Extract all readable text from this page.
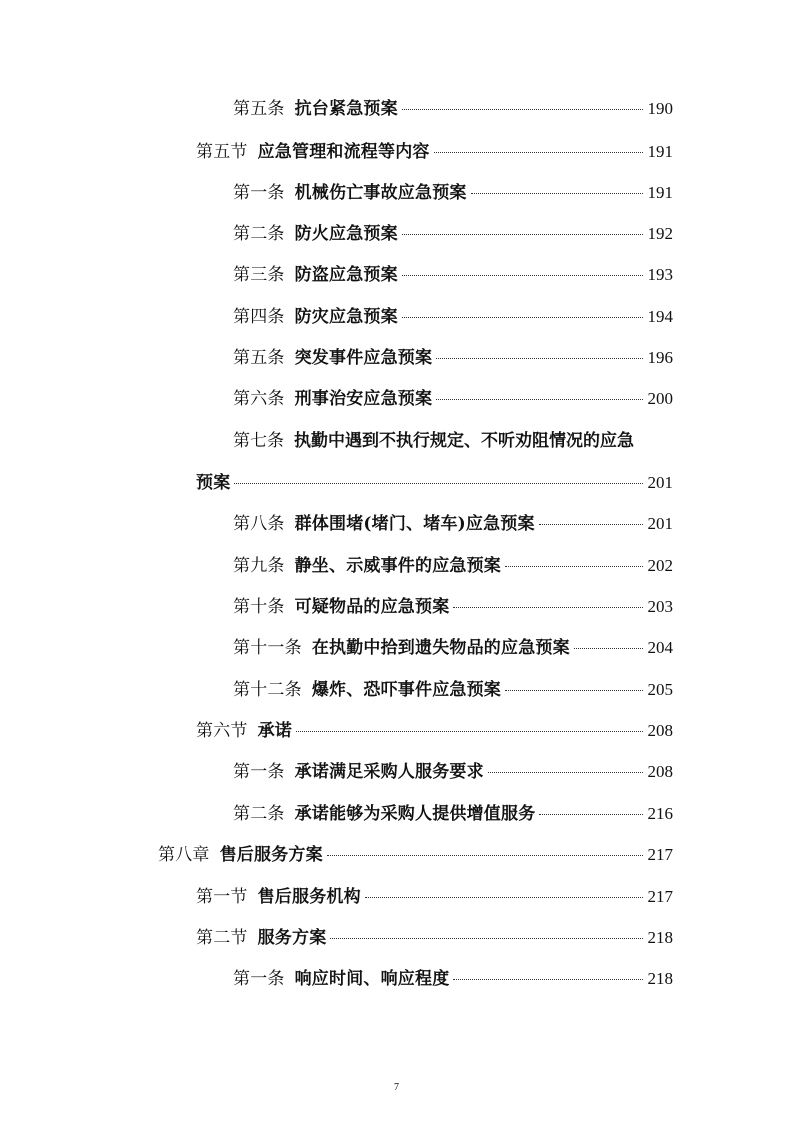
第五条 抗台紧急预案	190
第五节 应急管理和流程等内容	191
第一条 机械伤亡事故应急预案	191
第二条 防火应急预案	192
第三条 防盗应急预案	193
第四条 防灾应急预案	194
第五条 突发事件应急预案	196
第六条 刑事治安应急预案	200
第七条 执勤中遇到不执行规定、不听劝阻情况的应急
预案	201
第八条 群体围堵(堵门、堵车)应急预案	201
第九条 静坐、示威事件的应急预案	202
第十条 可疑物品的应急预案	203
第十一条 在执勤中拾到遗失物品的应急预案	204
第十二条 爆炸、恐吓事件应急预案	205
第六节 承诺	208
第一条 承诺满足采购人服务要求	208
第二条 承诺能够为采购人提供增值服务	216
第八章 售后服务方案	217
第一节 售后服务机构	217
第二节 服务方案	218
第一条 响应时间、响应程度	218
7
